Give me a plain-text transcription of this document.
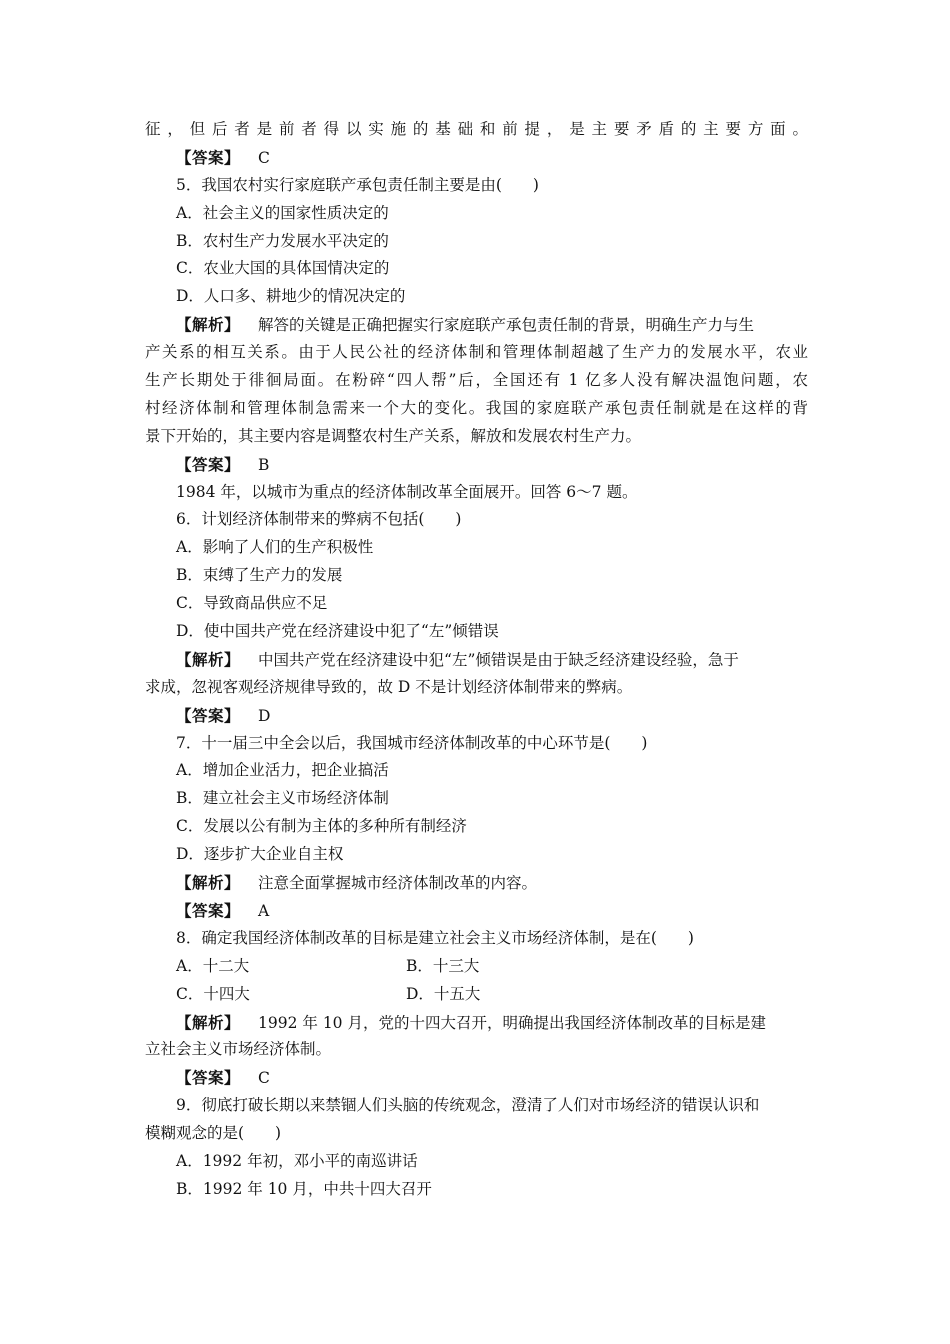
征，但后者是前者得以实施的基础和前提，是主要矛盾的主要方面。
【答案】 C
5．我国农村实行家庭联产承包责任制主要是由(　　)
A．社会主义的国家性质决定的
B．农村生产力发展水平决定的
C．农业大国的具体国情决定的
D．人口多、耕地少的情况决定的
【解析】 解答的关键是正确把握实行家庭联产承包责任制的背景，明确生产力与生
产关系的相互关系。由于人民公社的经济体制和管理体制超越了生产力的发展水平，农业
生产长期处于徘徊局面。在粉碎“四人帮”后，全国还有 1 亿多人没有解决温饱问题，农
村经济体制和管理体制急需来一个大的变化。我国的家庭联产承包责任制就是在这样的背
景下开始的，其主要内容是调整农村生产关系，解放和发展农村生产力。
【答案】 B
1984 年，以城市为重点的经济体制改革全面展开。回答 6～7 题。
6．计划经济体制带来的弊病不包括(　　)
A．影响了人们的生产积极性
B．束缚了生产力的发展
C．导致商品供应不足
D．使中国共产党在经济建设中犯了“左”倾错误
【解析】 中国共产党在经济建设中犯“左”倾错误是由于缺乏经济建设经验，急于
求成，忽视客观经济规律导致的，故 D 不是计划经济体制带来的弊病。
【答案】 D
7．十一届三中全会以后，我国城市经济体制改革的中心环节是(　　)
A．增加企业活力，把企业搞活
B．建立社会主义市场经济体制
C．发展以公有制为主体的多种所有制经济
D．逐步扩大企业自主权
【解析】 注意全面掌握城市经济体制改革的内容。
【答案】 A
8．确定我国经济体制改革的目标是建立社会主义市场经济体制，是在(　　)
A．十二大	B．十三大
C．十四大	D．十五大
【解析】 1992 年 10 月，党的十四大召开，明确提出我国经济体制改革的目标是建
立社会主义市场经济体制。
【答案】 C
9．彻底打破长期以来禁锢人们头脑的传统观念，澄清了人们对市场经济的错误认识和
模糊观念的是(　　)
A．1992 年初，邓小平的南巡讲话
B．1992 年 10 月，中共十四大召开
